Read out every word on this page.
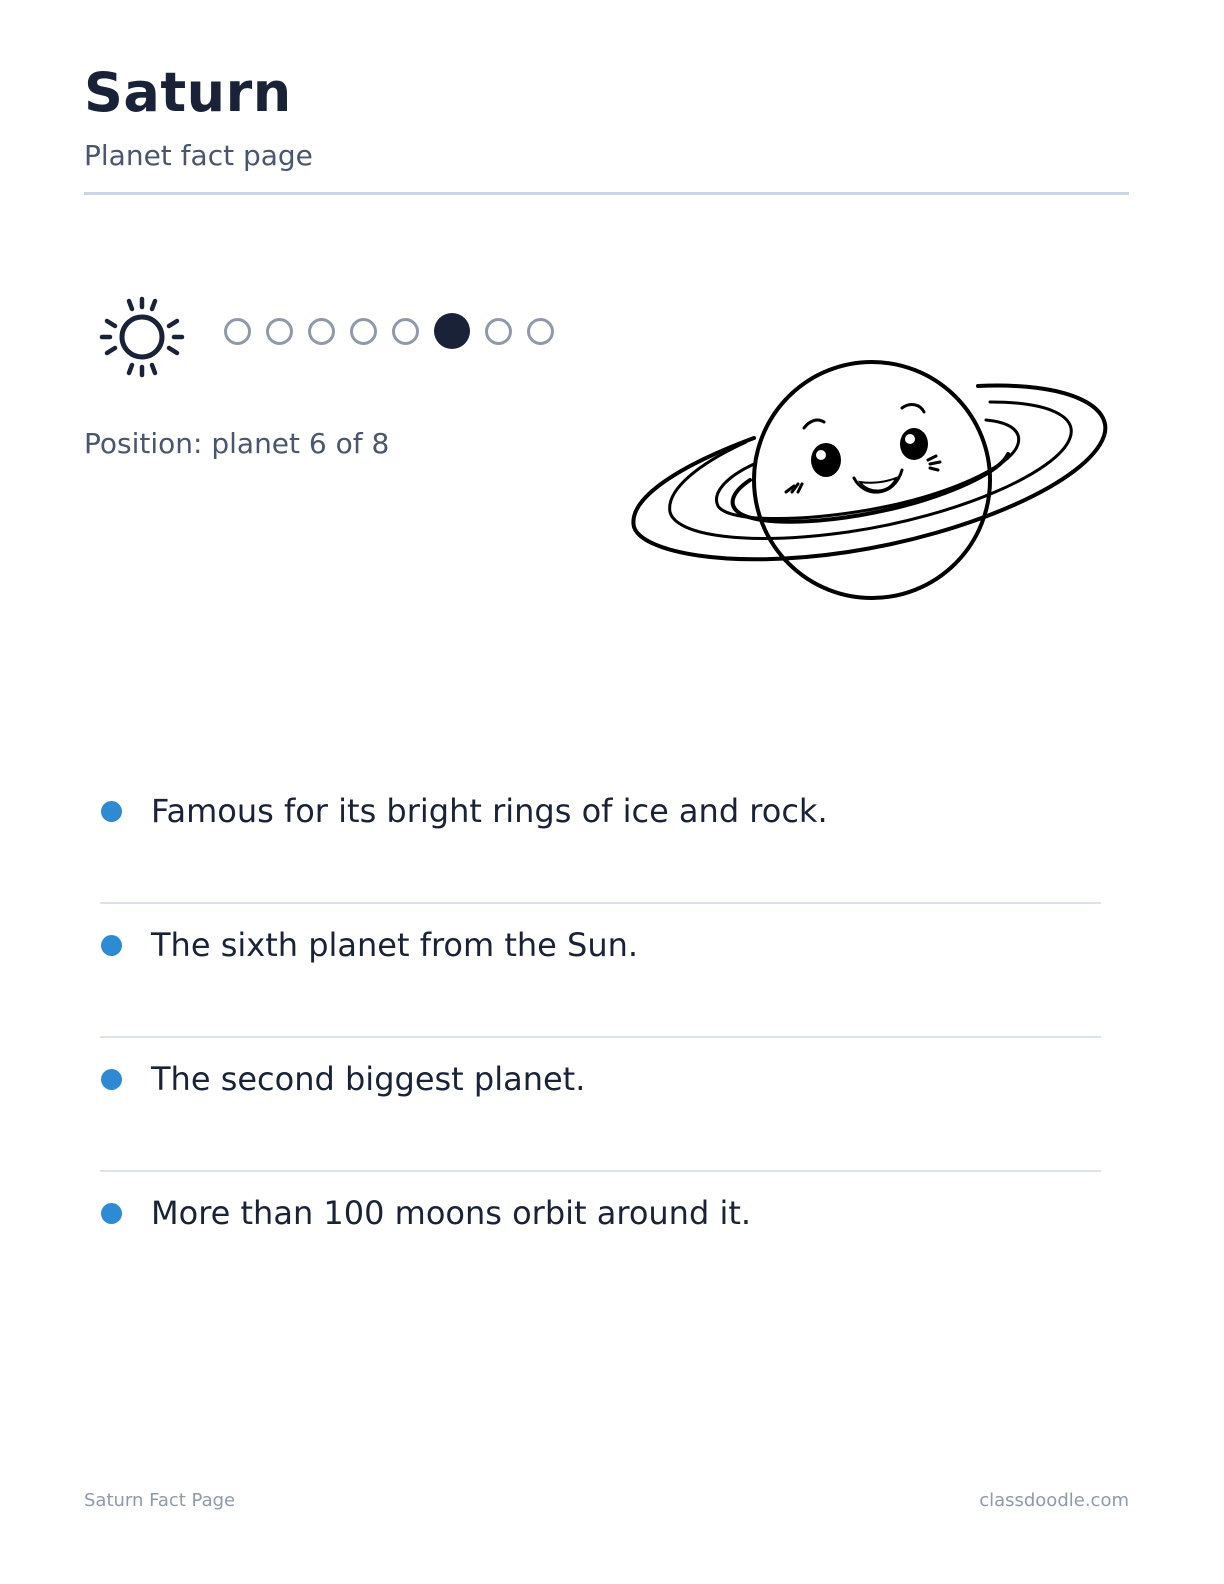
Saturn
Planet fact page
Position: planet 6 of 8
Famous for its bright rings of ice and rock.
The sixth planet from the Sun.
The second biggest planet.
More than 100 moons orbit around it.
Saturn Fact Page	classdoodle.com
